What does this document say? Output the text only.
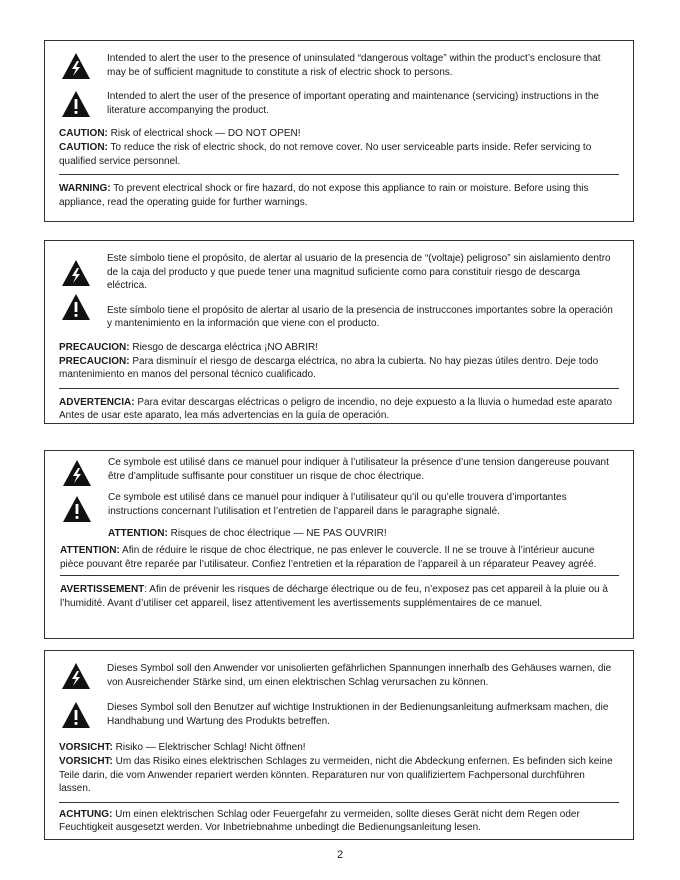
Intended to alert the user to the presence of uninsulated “dangerous voltage” within the product’s enclosure that may be of sufficient magnitude to constitute a risk of electric shock to persons.
Intended to alert the user of the presence of important operating and maintenance (servicing) instructions in the literature accompanying the product.

CAUTION: Risk of electrical shock — DO NOT OPEN!

CAUTION: To reduce the risk of electric shock, do not remove cover. No user serviceable parts inside. Refer servicing to qualified service personnel.

WARNING: To prevent electrical shock or fire hazard, do not expose this appliance to rain or moisture. Before using this appliance, read the operating guide for further warnings.

Este símbolo tiene el propósito, de alertar al usuario de la presencia de “(voltaje) peligroso” sin aislamiento dentro de la caja del producto y que puede tener una magnitud suficiente como para constituir riesgo de descarga eléctrica.
Este símbolo tiene el propósito de alertar al usario de la presencia de instruccones importantes sobre la operación y mantenimiento en la información que viene con el producto.

PRECAUCION: Riesgo de descarga eléctrica ¡NO ABRIR!

PRECAUCION: Para disminuír el riesgo de descarga eléctrica, no abra la cubierta. No hay piezas útiles dentro. Deje todo mantenimiento en manos del personal técnico cualificado.

ADVERTENCIA: Para evitar descargas eléctricas o peligro de incendio, no deje expuesto a la lluvia o humedad este aparato Antes de usar este aparato, lea más advertencias en la guía de operación.

Ce symbole est utilisé dans ce manuel pour indiquer à l’utilisateur la présence d’une tension dangereuse pouvant être d’amplitude suffisante pour constituer un risque de choc électrique.
Ce symbole est utilisé dans ce manuel pour indiquer à l’utilisateur qu’il ou qu’elle trouvera d’importantes instructions concernant l’utilisation et l’entretien de l’appareil dans le paragraphe signalé.
ATTENTION: Risques de choc électrique — NE PAS OUVRIR!

ATTENTION: Afin de réduire le risque de choc électrique, ne pas enlever le couvercle. Il ne se trouve à l’intérieur aucune pièce pouvant être reparée par l’utilisateur. Confiez l’entretien et la réparation de l’appareil à un réparateur Peavey agréé.

AVERTISSEMENT: Afin de prévenir les risques de décharge électrique ou de feu, n’exposez pas cet appareil à la pluie ou à l’humidité. Avant d’utiliser cet appareil, lisez attentivement les avertissements supplémentaires de ce manuel.

Dieses Symbol soll den Anwender vor unisolierten gefährlichen Spannungen innerhalb des Gehäuses warnen, die von Ausreichender Stärke sind, um einen elektrischen Schlag verursachen zu können.
Dieses Symbol soll den Benutzer auf wichtige Instruktionen in der Bedienungsanleitung aufmerksam machen, die Handhabung und Wartung des Produkts betreffen.

VORSICHT: Risiko — Elektrischer Schlag! Nicht öffnen!

VORSICHT: Um das Risiko eines elektrischen Schlages zu vermeiden, nicht die Abdeckung enfernen. Es befinden sich keine Teile darin, die vom Anwender repariert werden könnten. Reparaturen nur von qualifiziertem Fachpersonal durchführen lassen.

ACHTUNG: Um einen elektrischen Schlag oder Feuergefahr zu vermeiden, sollte dieses Gerät nicht dem Regen oder Feuchtigkeit ausgesetzt werden. Vor Inbetriebnahme unbedingt die Bedienungsanleitung lesen.

2
